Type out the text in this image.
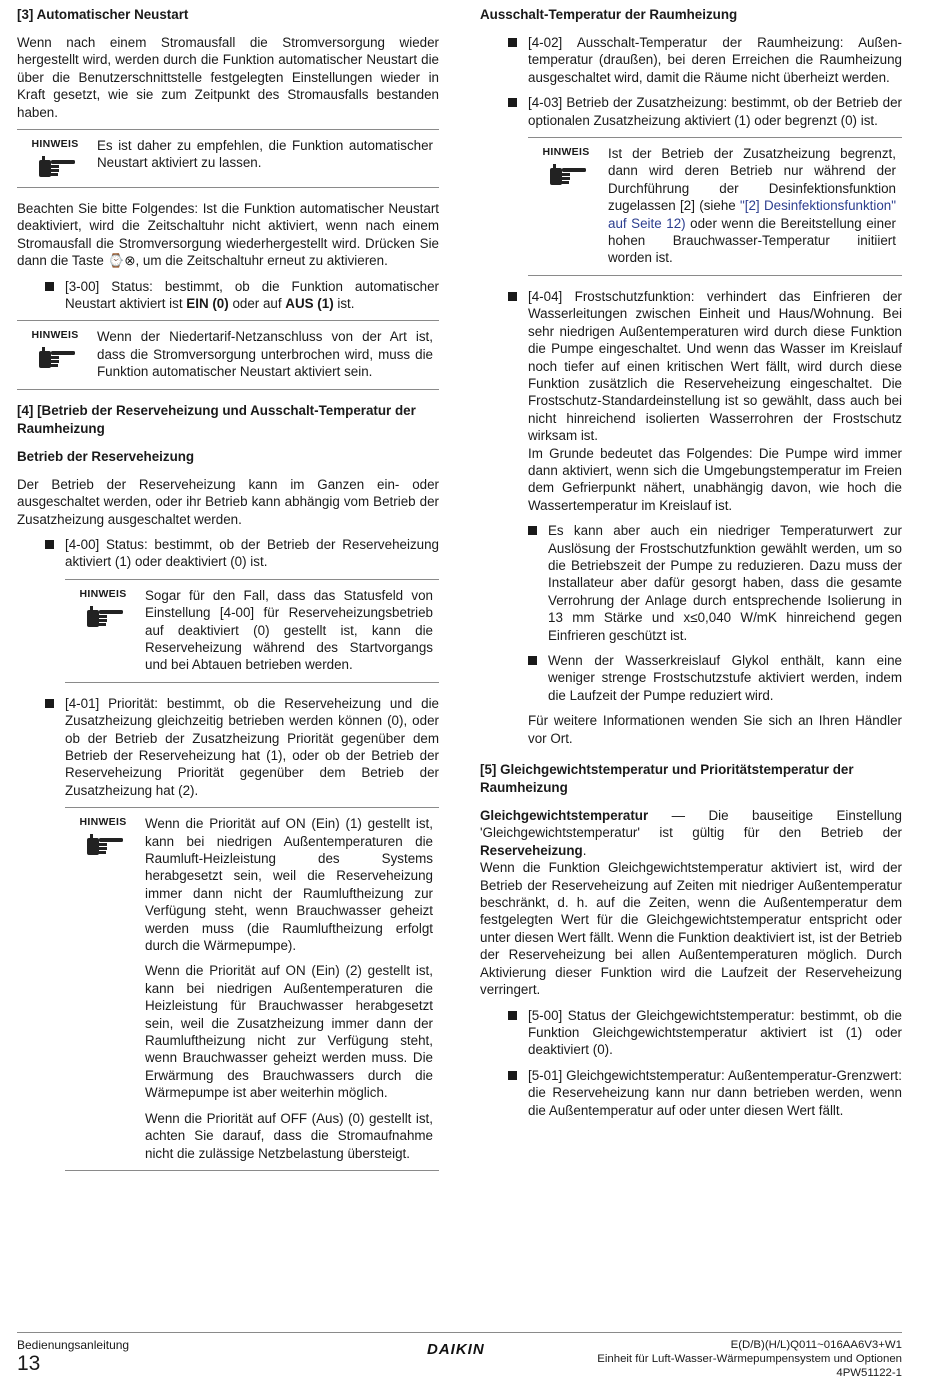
[3] Automatischer Neustart

Wenn nach einem Stromausfall die Stromversorgung wieder hergestellt wird, werden durch die Funktion automatischer Neustart die über die Benutzerschnittstelle festgelegten Einstellungen wieder in Kraft gesetzt, wie sie zum Zeitpunkt des Stromausfalls bestanden haben.

HINWEIS Es ist daher zu empfehlen, die Funktion automatischer Neustart aktiviert zu lassen.

Beachten Sie bitte Folgendes: Ist die Funktion automatischer Neustart deaktiviert, wird die Zeitschaltuhr nicht aktiviert, wenn nach einem Stromausfall die Stromversorgung wiederhergestellt wird. Drücken Sie dann die Taste ⌚⊗, um die Zeitschaltuhr erneut zu aktivieren.

[3-00] Status: bestimmt, ob die Funktion automatischer Neustart aktiviert ist EIN (0) oder auf AUS (1) ist.
HINWEIS Wenn der Niedertarif-Netzanschluss von der Art ist, dass die Stromversorgung unterbrochen wird, muss die Funktion automatischer Neustart aktiviert sein.

[4] [Betrieb der Reserveheizung und Ausschalt-Temperatur der Raumheizung
Betrieb der Reserveheizung

Der Betrieb der Reserveheizung kann im Ganzen ein- oder ausgeschaltet werden, oder ihr Betrieb kann abhängig vom Betrieb der Zusatzheizung ausgeschaltet werden.

[4-00] Status: bestimmt, ob der Betrieb der Reserveheizung aktiviert (1) oder deaktiviert (0) ist.
HINWEIS Sogar für den Fall, dass das Statusfeld von Einstellung [4-00] für Reserveheizungsbetrieb auf deaktiviert (0) gestellt ist, kann die Reserveheizung während des Startvorgangs und bei Abtauen betrieben werden.

[4-01] Priorität: bestimmt, ob die Reserveheizung und die Zusatzheizung gleichzeitig betrieben werden können (0), oder ob der Betrieb der Zusatzheizung Priorität gegenüber dem Betrieb der Reserveheizung hat (1), oder ob der Betrieb der Reserveheizung Priorität gegenüber dem Betrieb der Zusatzheizung hat (2).
HINWEIS Wenn die Priorität auf ON (Ein) (1) gestellt ist, kann bei niedrigen Außentemperaturen die Raumluft-Heizleistung des Systems herabgesetzt sein, weil die Reserveheizung immer dann nicht der Raumluftheizung zur Verfügung steht, wenn Brauchwasser geheizt werden muss (die Raumluftheizung erfolgt durch die Wärmepumpe).

Wenn die Priorität auf ON (Ein) (2) gestellt ist, kann bei niedrigen Außentemperaturen die Heizleistung für Brauchwasser herabgesetzt sein, weil die Zusatzheizung immer dann der Raumluftheizung nicht zur Verfügung steht, wenn Brauchwasser geheizt werden muss. Die Erwärmung des Brauchwassers durch die Wärmepumpe ist aber weiterhin möglich.

Wenn die Priorität auf OFF (Aus) (0) gestellt ist, achten Sie darauf, dass die Stromaufnahme nicht die zulässige Netzbelastung übersteigt.

Ausschalt-Temperatur der Raumheizung
[4-02] Ausschalt-Temperatur der Raumheizung: Außentemperatur (draußen), bei deren Erreichen die Raumheizung ausgeschaltet wird, damit die Räume nicht überheizt werden.
[4-03] Betrieb der Zusatzheizung: bestimmt, ob der Betrieb der optionalen Zusatzheizung aktiviert (1) oder begrenzt (0) ist.
HINWEIS Ist der Betrieb der Zusatzheizung begrenzt, dann wird deren Betrieb nur während der Durchführung der Desinfektionsfunktion zugelassen [2] (siehe "[2] Desinfektionsfunktion" auf Seite 12) oder wenn die Bereitstellung einer hohen Brauchwasser-Temperatur initiiert worden ist.

[4-04] Frostschutzfunktion: verhindert das Einfrieren der Wasserleitungen zwischen Einheit und Haus/Wohnung. Bei sehr niedrigen Außentemperaturen wird durch diese Funktion die Pumpe eingeschaltet. Und wenn das Wasser im Kreislauf noch tiefer auf einen kritischen Wert fällt, wird durch diese Funktion zusätzlich die Reserveheizung eingeschaltet. Die Frostschutz-Standardeinstellung ist so gewählt, dass auch bei nicht hinreichend isolierten Wasserrohren der Frostschutz wirksam ist.
Im Grunde bedeutet das Folgendes: Die Pumpe wird immer dann aktiviert, wenn sich die Umgebungstemperatur im Freien dem Gefrierpunkt nähert, unabhängig davon, wie hoch die Wassertemperatur im Kreislauf ist.
Es kann aber auch ein niedriger Temperaturwert zur Auslösung der Frostschutzfunktion gewählt werden, um so die Betriebszeit der Pumpe zu reduzieren. Dazu muss der Installateur aber dafür gesorgt haben, dass die gesamte Verrohrung der Anlage durch entsprechende Isolierung in 13 mm Stärke und x≤0,040 W/mK hinreichend gegen Einfrieren geschützt ist.
Wenn der Wasserkreislauf Glykol enthält, kann eine weniger strenge Frostschutzstufe aktiviert werden, indem die Laufzeit der Pumpe reduziert wird.

Für weitere Informationen wenden Sie sich an Ihren Händler vor Ort.

[5] Gleichgewichtstemperatur und Prioritätstemperatur der Raumheizung

Gleichgewichtstemperatur — Die bauseitige Einstellung 'Gleichgewichtstemperatur' ist gültig für den Betrieb der Reserveheizung.

Wenn die Funktion Gleichgewichtstemperatur aktiviert ist, wird der Betrieb der Reserveheizung auf Zeiten mit niedriger Außentemperatur beschränkt, d. h. auf die Zeiten, wenn die Außentemperatur dem festgelegten Wert für die Gleichgewichtstemperatur entspricht oder unter diesen Wert fällt. Wenn die Funktion deaktiviert ist, ist der Betrieb der Reserveheizung bei allen Außentemperaturen möglich. Durch Aktivierung dieser Funktion wird die Laufzeit der Reserveheizung verringert.

[5-00] Status der Gleichgewichtstemperatur: bestimmt, ob die Funktion Gleichgewichtstemperatur aktiviert ist (1) oder deaktiviert (0).
[5-01] Gleichgewichtstemperatur: Außentemperatur-Grenzwert: die Reserveheizung kann nur dann betrieben werden, wenn die Außentemperatur auf oder unter diesen Wert fällt.
Bedienungsanleitung
13
DAIKIN	E(D/B)(H/L)Q011~016AA6V3+W1
Einheit für Luft-Wasser-Wärmepumpensystem und Optionen
4PW51122-1
